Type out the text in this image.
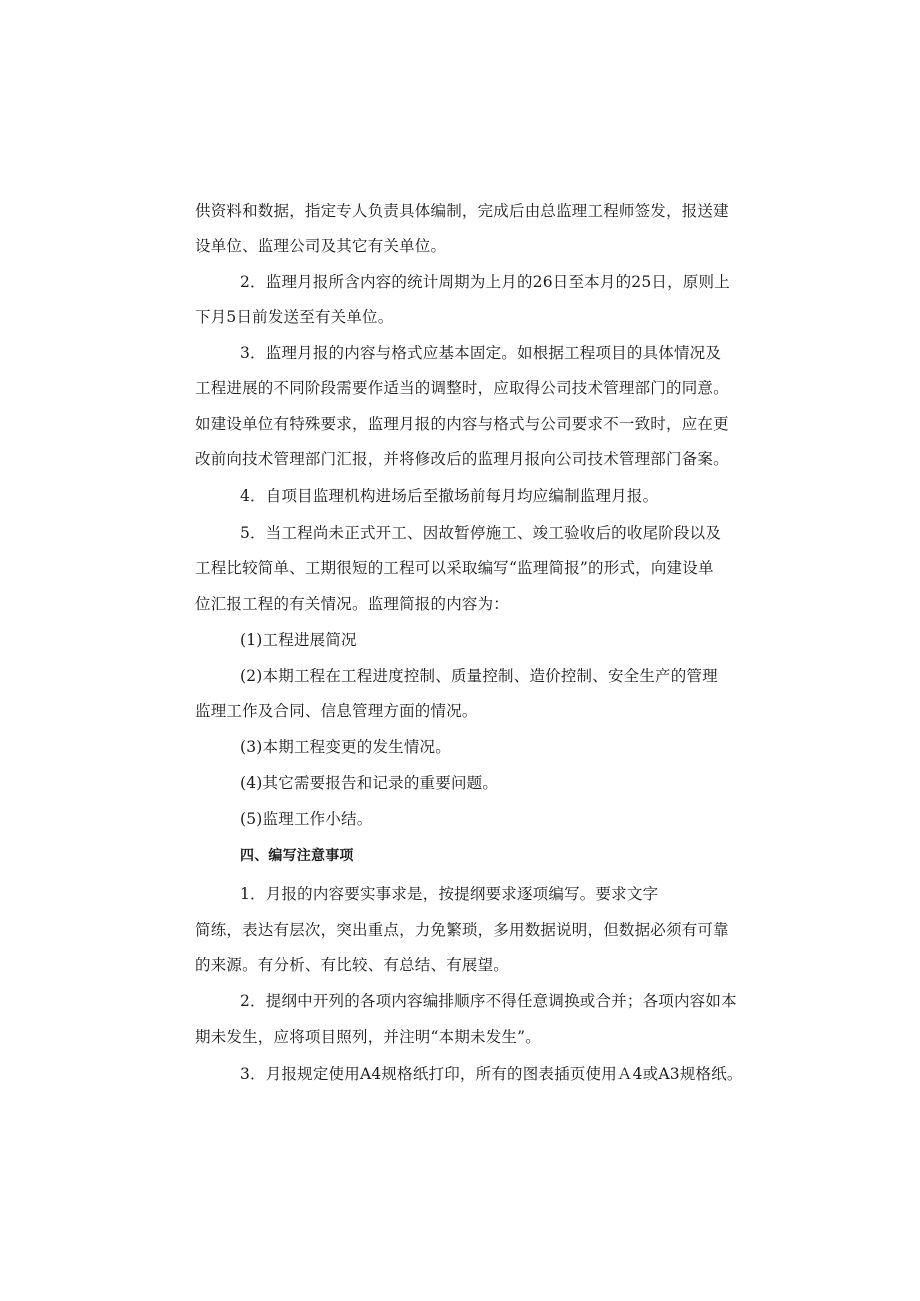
供资料和数据，指定专人负责具体编制，完成后由总监理工程师签发，报送建
设单位、监理公司及其它有关单位。
2．监理月报所含内容的统计周期为上月的26日至本月的25日，原则上
下月5日前发送至有关单位。
3．监理月报的内容与格式应基本固定。如根据工程项目的具体情况及
工程进展的不同阶段需要作适当的调整时，应取得公司技术管理部门的同意。
如建设单位有特殊要求，监理月报的内容与格式与公司要求不一致时，应在更
改前向技术管理部门汇报，并将修改后的监理月报向公司技术管理部门备案。
4．自项目监理机构进场后至撤场前每月均应编制监理月报。
5．当工程尚未正式开工、因故暂停施工、竣工验收后的收尾阶段以及
工程比较简单、工期很短的工程可以采取编写“监理简报”的形式，向建设单
位汇报工程的有关情况。监理简报的内容为：
(1)工程进展简况
(2)本期工程在工程进度控制、质量控制、造价控制、安全生产的管理
监理工作及合同、信息管理方面的情况。
(3)本期工程变更的发生情况。
(4)其它需要报告和记录的重要问题。
(5)监理工作小结。
四、编写注意事项
1．月报的内容要实事求是，按提纲要求逐项编写。要求文字
简练，表达有层次，突出重点，力免繁琐，多用数据说明，但数据必须有可靠
的来源。有分析、有比较、有总结、有展望。
2．提纲中开列的各项内容编排顺序不得任意调换或合并；各项内容如本
期未发生，应将项目照列，并注明“本期未发生”。
3．月报规定使用A4规格纸打印，所有的图表插页使用Ａ4或A3规格纸。
